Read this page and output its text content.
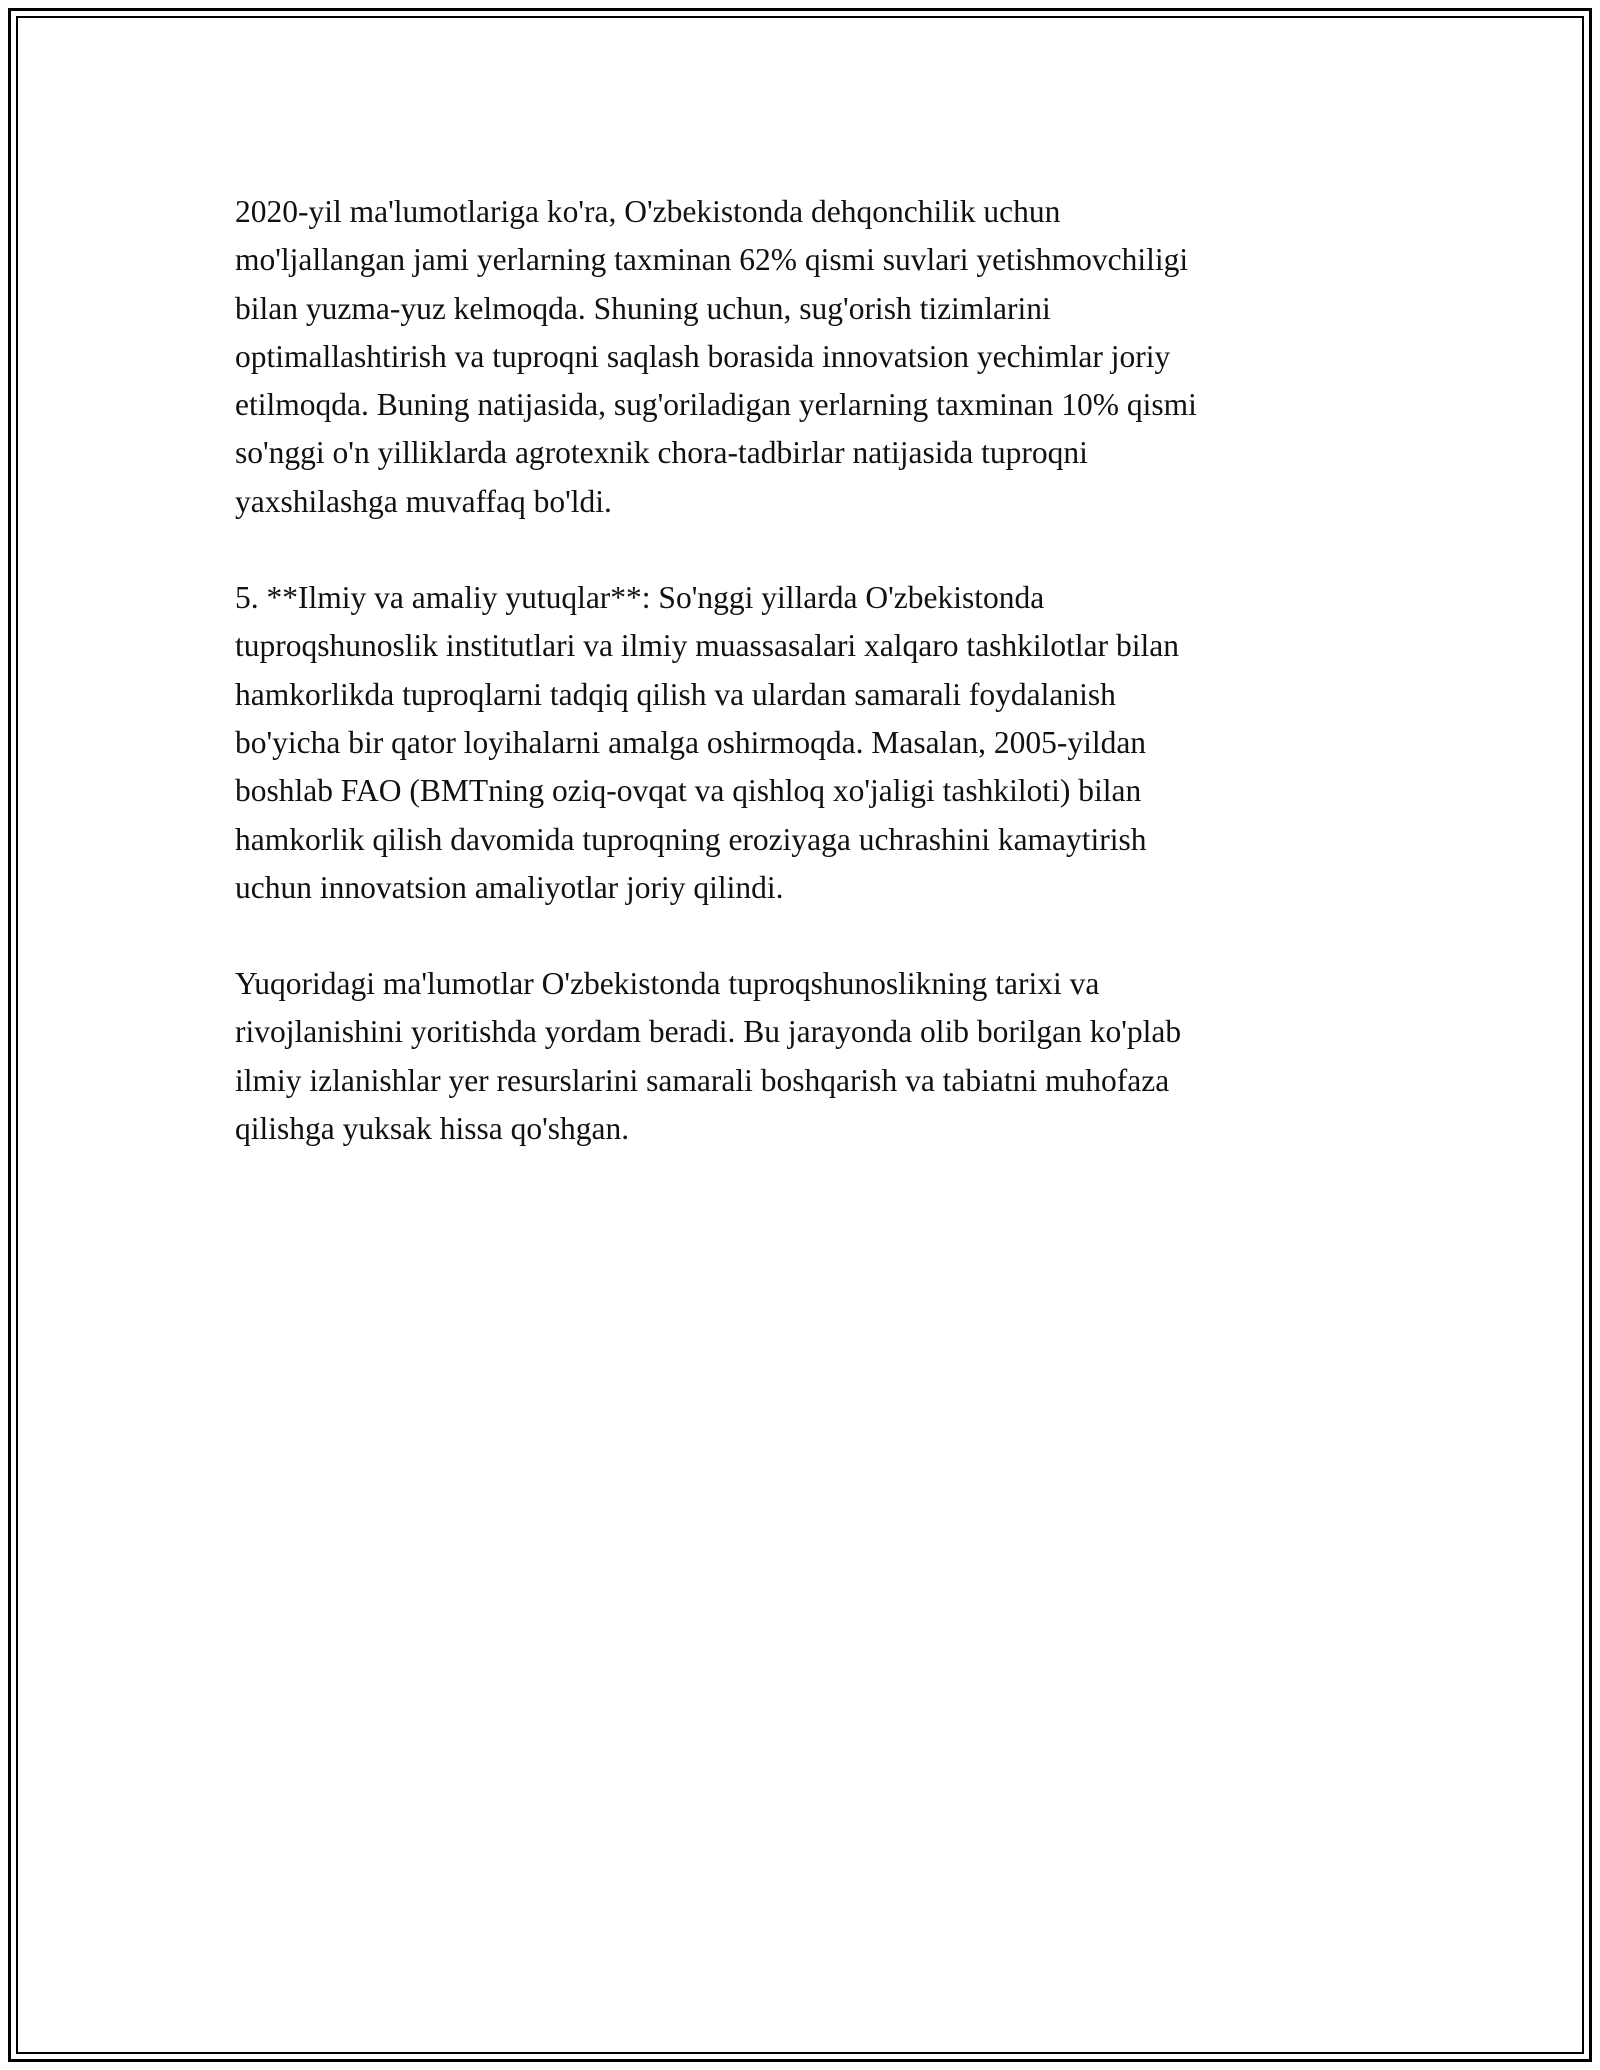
2020-yil ma'lumotlariga ko'ra, O'zbekistonda dehqonchilik uchun
mo'ljallangan jami yerlarning taxminan 62% qismi suvlari yetishmovchiligi
bilan yuzma-yuz kelmoqda. Shuning uchun, sug'orish tizimlarini
optimallashtirish va tuproqni saqlash borasida innovatsion yechimlar joriy
etilmoqda. Buning natijasida, sug'oriladigan yerlarning taxminan 10% qismi
so'nggi o'n yilliklarda agrotexnik chora-tadbirlar natijasida tuproqni
yaxshilashga muvaffaq bo'ldi.

5. **Ilmiy va amaliy yutuqlar**: So'nggi yillarda O'zbekistonda
tuproqshunoslik institutlari va ilmiy muassasalari xalqaro tashkilotlar bilan
hamkorlikda tuproqlarni tadqiq qilish va ulardan samarali foydalanish
bo'yicha bir qator loyihalarni amalga oshirmoqda. Masalan, 2005-yildan
boshlab FAO (BMTning oziq-ovqat va qishloq xo'jaligi tashkiloti) bilan
hamkorlik qilish davomida tuproqning eroziyaga uchrashini kamaytirish
uchun innovatsion amaliyotlar joriy qilindi.

Yuqoridagi ma'lumotlar O'zbekistonda tuproqshunoslikning tarixi va
rivojlanishini yoritishda yordam beradi. Bu jarayonda olib borilgan ko'plab
ilmiy izlanishlar yer resurslarini samarali boshqarish va tabiatni muhofaza
qilishga yuksak hissa qo'shgan.
